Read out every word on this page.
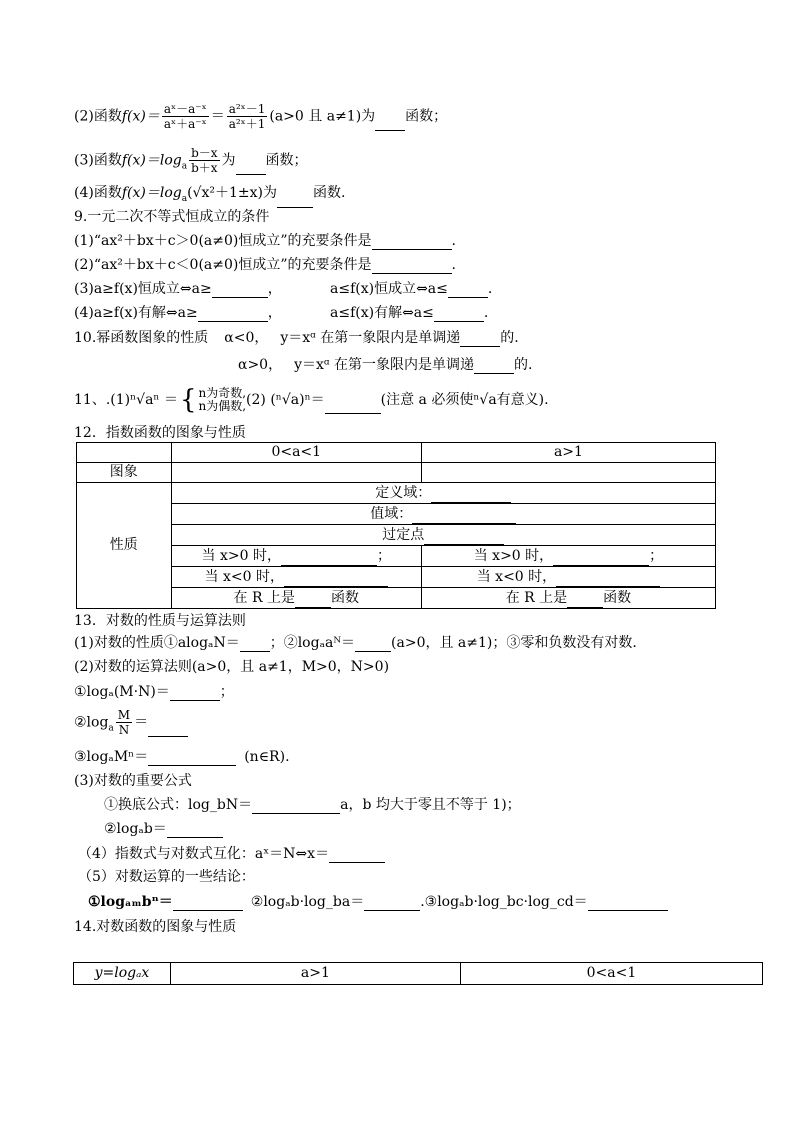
(2)函数$f(x)= \frac{\text{aˣ－a⁻ˣ}}{\text{aˣ＋a⁻ˣ}} = \frac{\text{a²ˣ－1}}{\text{a²ˣ＋1}} (a>0$ 且 a≠1)为 函数；
(3)函数$f(x)=\log_a \frac{b-x}{b+x}$ 为 函数；
(4)函数$f(x)=\log_a(√x^2+1\pm x)$为	函数.
9.一元二次不等式恒成立的条件
(1)“ax²＋bx＋c＞0(a≠0)恒成立”的充要条件是	.
(2)“ax²＋bx＋c＜0(a≠0)恒成立”的充要条件是	.
(3)a≥f(x)恒成立⇔a≥	，	a≤f(x)恒成立⇔a≤	.
(4)a≥f(x)有解⇔a≥	，	a≤f(x)有解⇔a≤	.
10.幂函数图象的性质 α<0， y＝xᵅ 在第一象限内是单调递	的.
α>0， y＝xᵅ 在第一象限内是单调递	的.
11、.(1)ⁿ√aⁿ ＝{ n为奇数,
n为偶数, (2) (ⁿ√a)ⁿ＝	(注意 a 必须使ⁿ√a有意义).
12．指数函数的图象与性质
	0<a<1	a>1
图象		
性质	定义域：	
	值域：	
	过定点	
	当 x>0 时， ；	当 x>0 时， ；
	当 x<0 时，	当 x<0 时，
	在 R 上是 函数	在 R 上是 函数
13．对数的性质与运算法则
(1)对数的性质①alogₐN＝ ；②logₐaᴺ＝	(a>0，且 a≠1)；③零和负数没有对数.
(2)对数的运算法则(a>0，且 a≠1，M>0，N>0)
①logₐ(M·N)＝	；
$②\log_a \frac{M}{N}$ ＝
③logₐMⁿ＝	(n∈R).
(3)对数的重要公式
①换底公式：log_bN＝	a，b 均大于零且不等于 1)；
②logₐb＝
（4）指数式与对数式互化：aˣ＝N⇔x＝
（5）对数运算的一些结论：
①logₐₘbⁿ＝	②logₐb·log_ba＝	.③logₐb·log_bc·log_cd＝
14.对数函数的图象与性质
y=logₐx	a>1	0<a<1
